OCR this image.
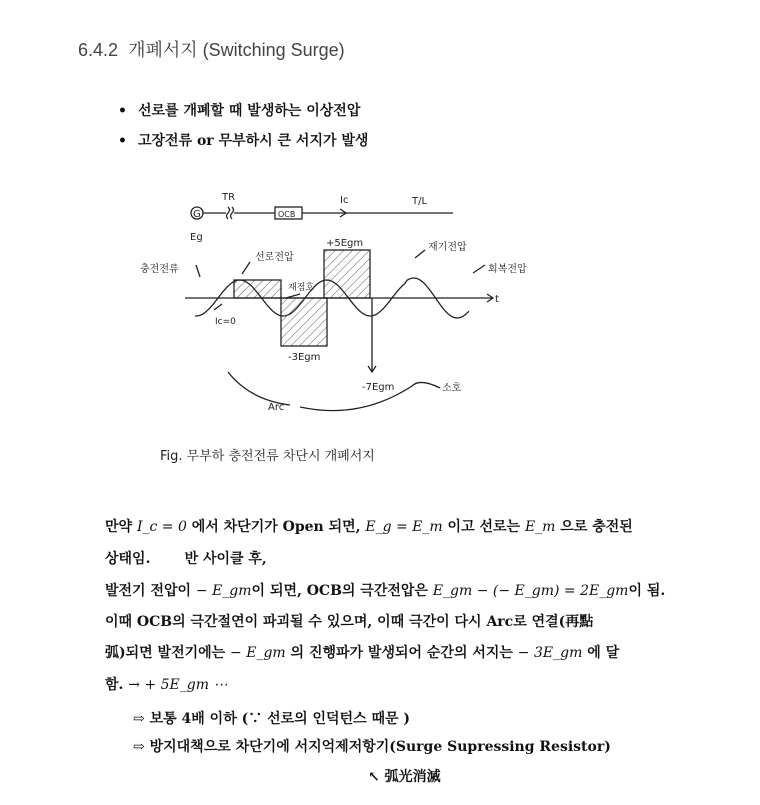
6.4.2 개폐서지 (Switching Surge)
• 선로를 개폐할 때 발생하는 이상전압
• 고장전류 or 무부하시 큰 서지가 발생
G	OCB
TR	Ic	T/L
Eg
t
+5Egm
-3Egm
선로전압
충전전류
재점호
재기전압
회복전압
Ic=0
-7Egm	소호
Arc
Fig. 무부하 충전전류 차단시 개폐서지
만약 I_c = 0 에서 차단기가 Open 되면, E_g = E_m 이고 선로는 E_m 으로 충전된
상태임.       반 사이클 후,
발전기 전압이 − E_gm이 되면, OCB의 극간전압은 E_gm − (− E_gm) = 2E_gm이 됨.
이때 OCB의 극간절연이 파괴될 수 있으며, 이때 극간이 다시 Arc로 연결(再點
弧)되면 발전기에는 − E_gm 의 진행파가 발생되어 순간의 서지는 − 3E_gm 에 달
함. → + 5E_gm ⋯
⇨ 보통 4배 이하 (∵ 선로의 인덕턴스 때문 )
⇨ 방지대책으로 차단기에 서지억제저항기(Surge Supressing Resistor)
↖ 弧光消滅
